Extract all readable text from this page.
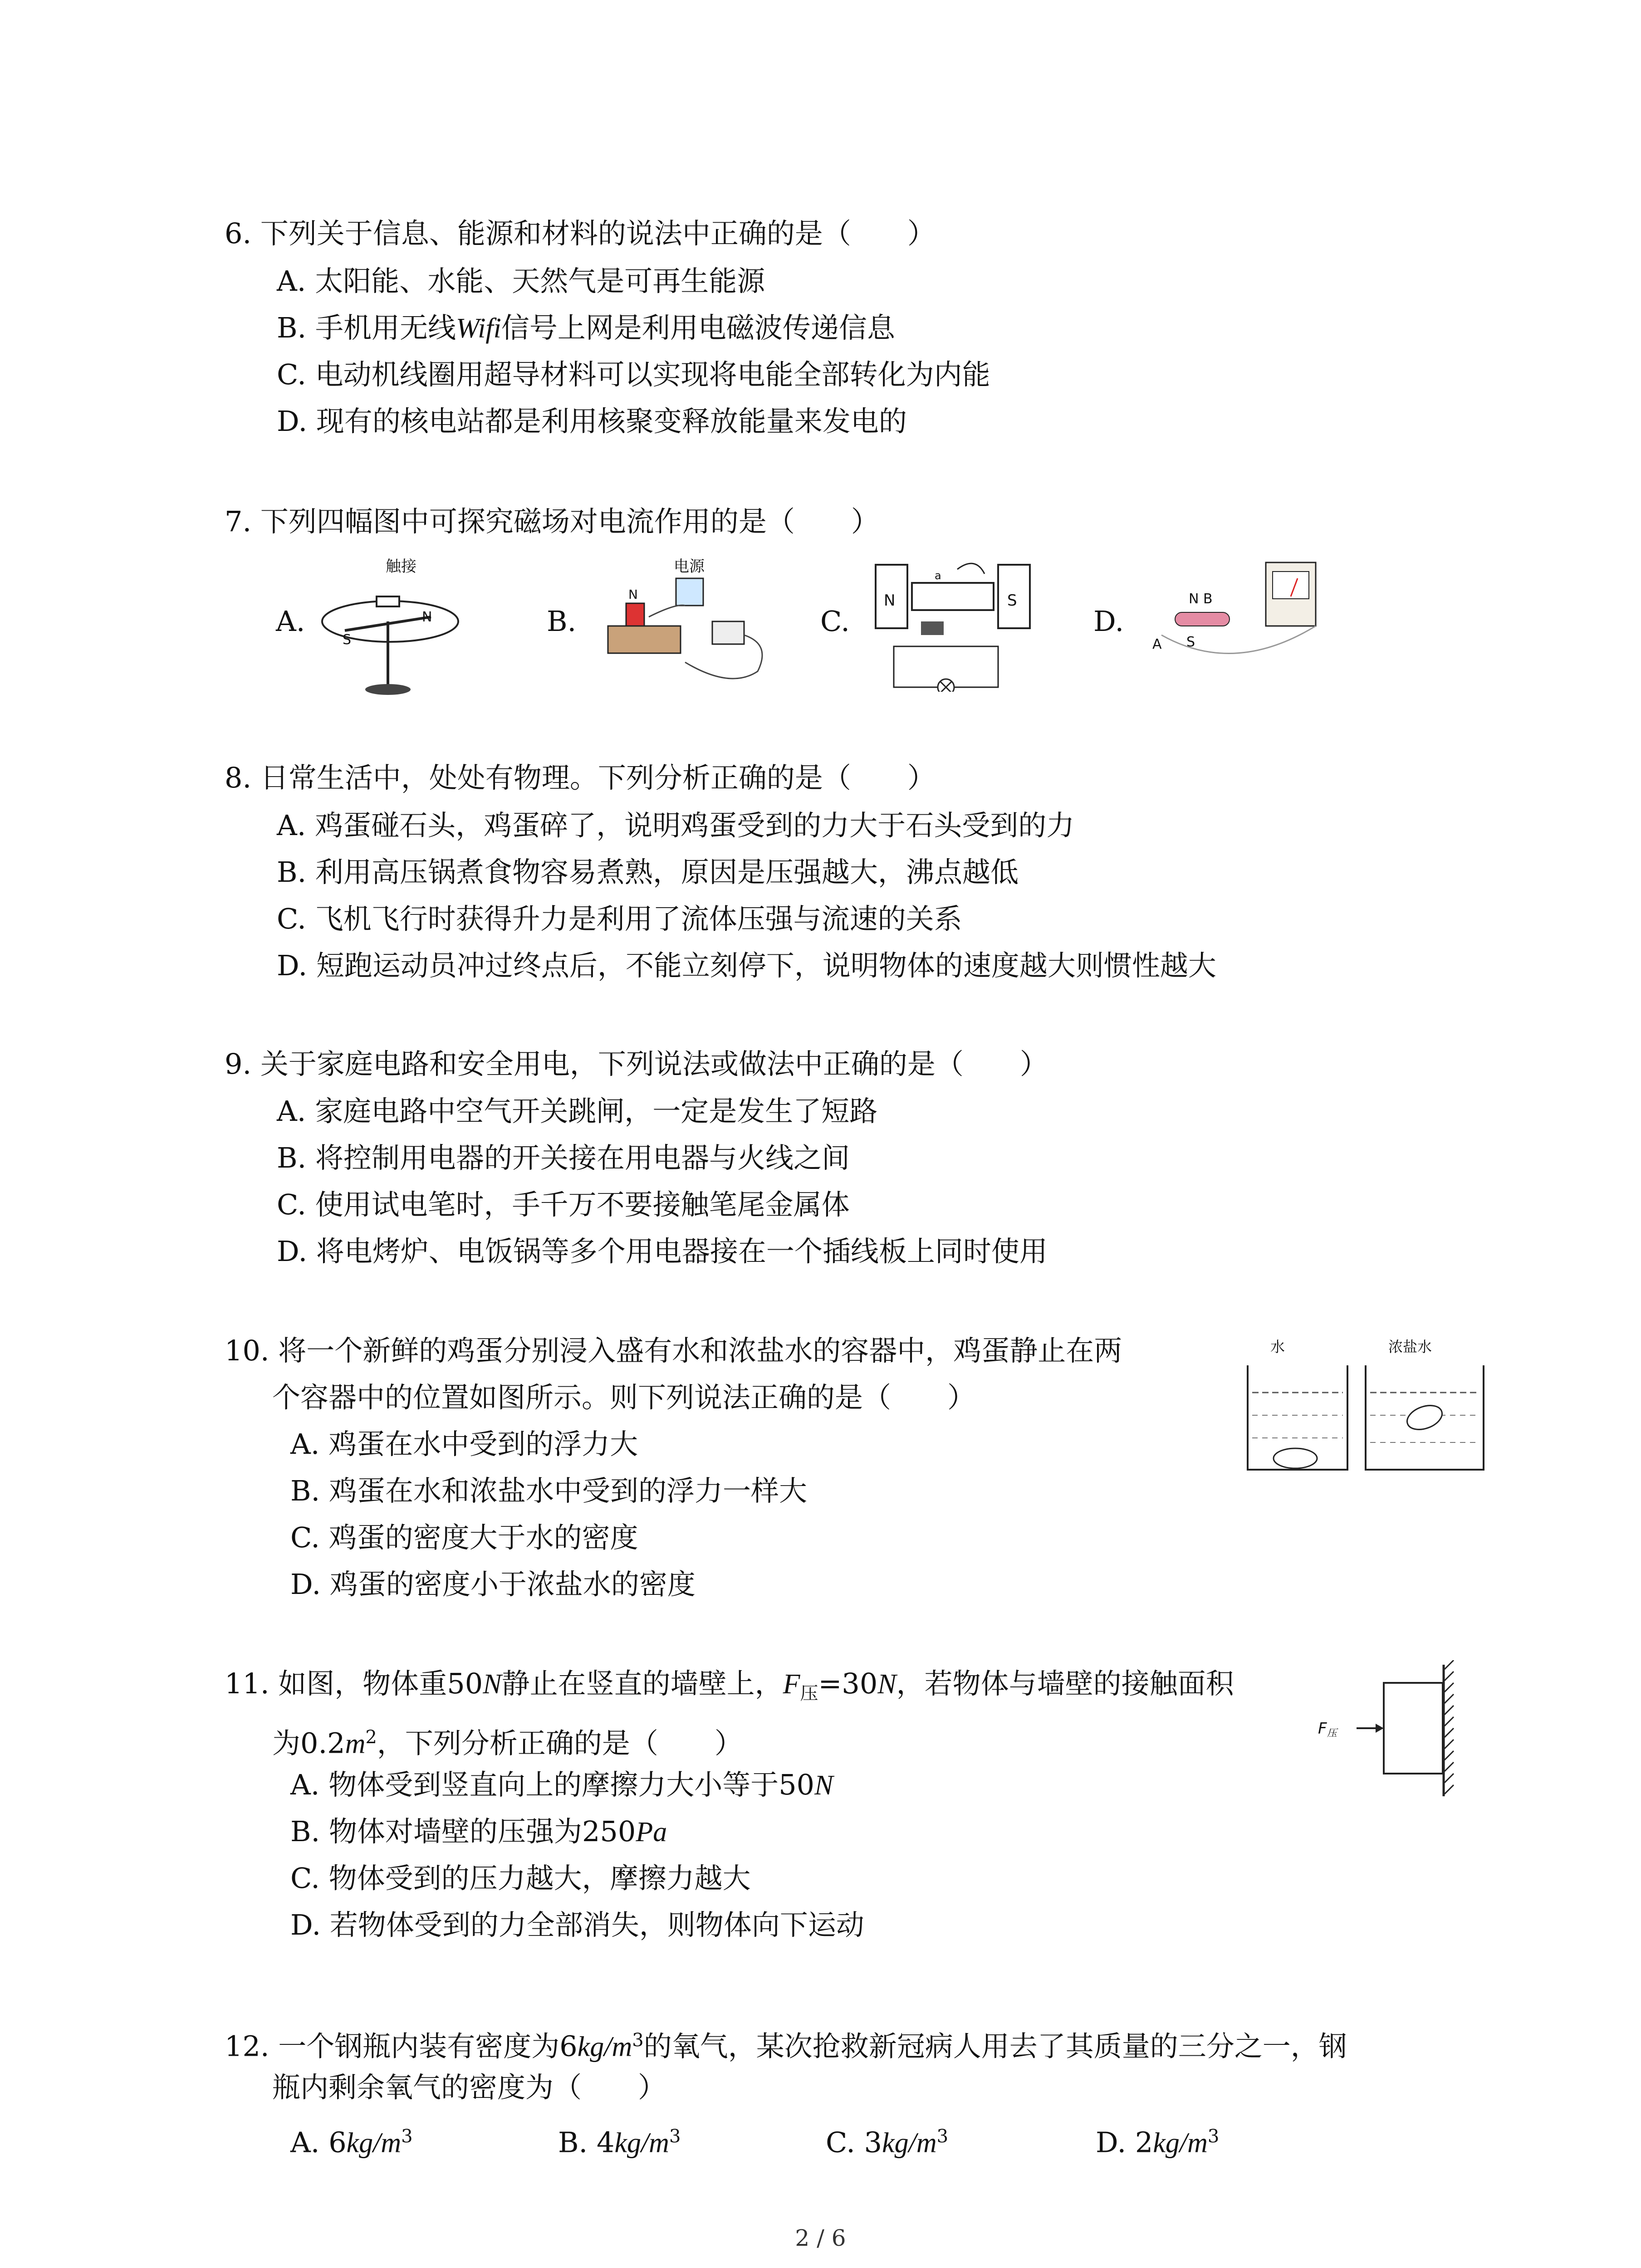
6. 下列关于信息、能源和材料的说法中正确的是（　　）
A. 太阳能、水能、天然气是可再生能源
B. 手机用无线Wifi信号上网是利用电磁波传递信息
C. 电动机线圈用超导材料可以实现将电能全部转化为内能
D. 现有的核电站都是利用核聚变释放能量来发电的
7. 下列四幅图中可探究磁场对电流作用的是（　　）
A.
触接
S
N	B.
电源
N
C.
N	S
a
D.
N B
A S
8. 日常生活中，处处有物理。下列分析正确的是（　　）
A. 鸡蛋碰石头，鸡蛋碎了，说明鸡蛋受到的力大于石头受到的力
B. 利用高压锅煮食物容易煮熟，原因是压强越大，沸点越低
C. 飞机飞行时获得升力是利用了流体压强与流速的关系
D. 短跑运动员冲过终点后，不能立刻停下，说明物体的速度越大则惯性越大
9. 关于家庭电路和安全用电，下列说法或做法中正确的是（　　）
A. 家庭电路中空气开关跳闸，一定是发生了短路
B. 将控制用电器的开关接在用电器与火线之间
C. 使用试电笔时，手千万不要接触笔尾金属体
D. 将电烤炉、电饭锅等多个用电器接在一个插线板上同时使用
10. 将一个新鲜的鸡蛋分别浸入盛有水和浓盐水的容器中，鸡蛋静止在两
个容器中的位置如图所示。则下列说法正确的是（　　）
A. 鸡蛋在水中受到的浮力大
B. 鸡蛋在水和浓盐水中受到的浮力一样大
C. 鸡蛋的密度大于水的密度
D. 鸡蛋的密度小于浓盐水的密度
水	浓盐水
11. 如图，物体重50N静止在竖直的墙壁上，$F_压=30N$，若物体与墙壁的接触面积
为$0.2m^2$，下列分析正确的是（　　）
A. 物体受到竖直向上的摩擦力大小等于50N
B. 物体对墙壁的压强为250Pa
C. 物体受到的压力越大，摩擦力越大
D. 若物体受到的力全部消失，则物体向下运动
F压
12. 一个钢瓶内装有密度为$6kg/m^3$的氧气，某次抢救新冠病人用去了其质量的三分之一，钢
瓶内剩余氧气的密度为（　　）
A. $6kg/m^3$	B. $4kg/m^3$	C. $3kg/m^3$	D. $2kg/m^3$
2 / 6
